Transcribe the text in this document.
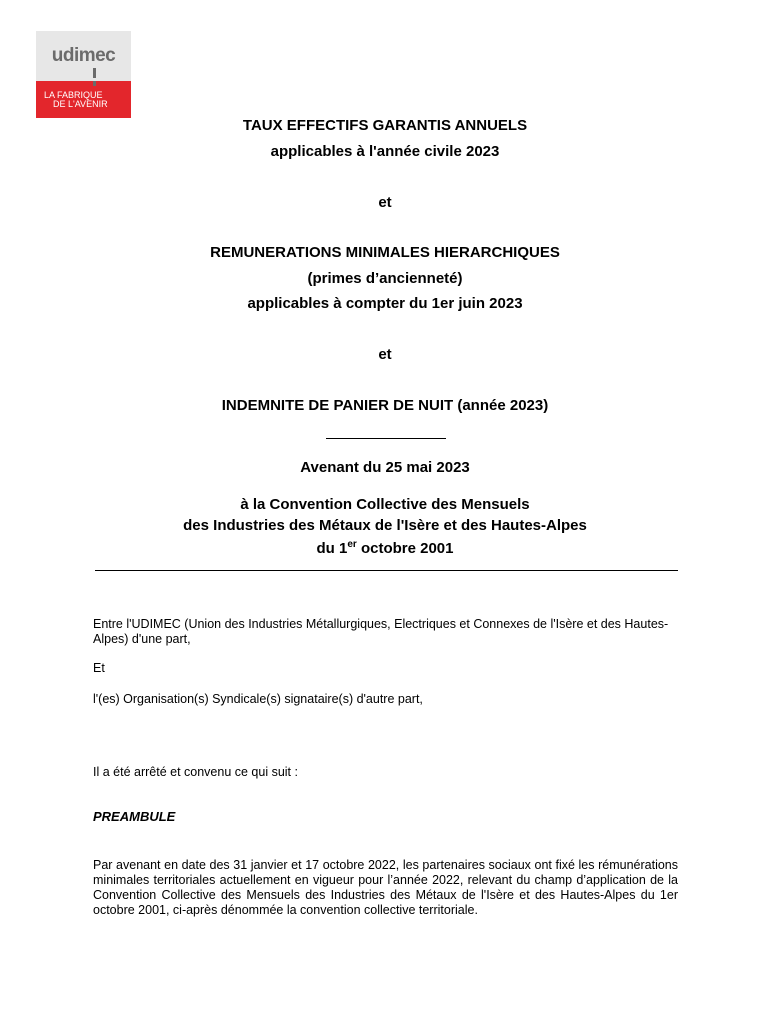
udimec
LA FABRIQUE
DE L'AVENIR
TAUX EFFECTIFS GARANTIS ANNUELS
applicables à l'année civile 2023
et
REMUNERATIONS MINIMALES HIERARCHIQUES
(primes d’ancienneté)
applicables à compter du 1er juin 2023
et
INDEMNITE DE PANIER DE NUIT (année 2023)
Avenant du 25 mai 2023
à la Convention Collective des Mensuels
des Industries des Métaux de l'Isère et des Hautes-Alpes
du 1er octobre 2001
Entre l'UDIMEC (Union des Industries Métallurgiques, Electriques et Connexes de l'Isère et des Hautes-Alpes) d'une part,
Et
l'(es) Organisation(s) Syndicale(s) signataire(s) d'autre part,
Il a été arrêté et convenu ce qui suit :
PREAMBULE
Par avenant en date des 31 janvier et 17 octobre 2022, les partenaires sociaux ont fixé les rémunérations minimales territoriales actuellement en vigueur pour l’année 2022, relevant du champ d’application de la Convention Collective des Mensuels des Industries des Métaux de l'Isère et des Hautes-Alpes du 1er octobre 2001, ci-après dénommée la convention collective territoriale.
